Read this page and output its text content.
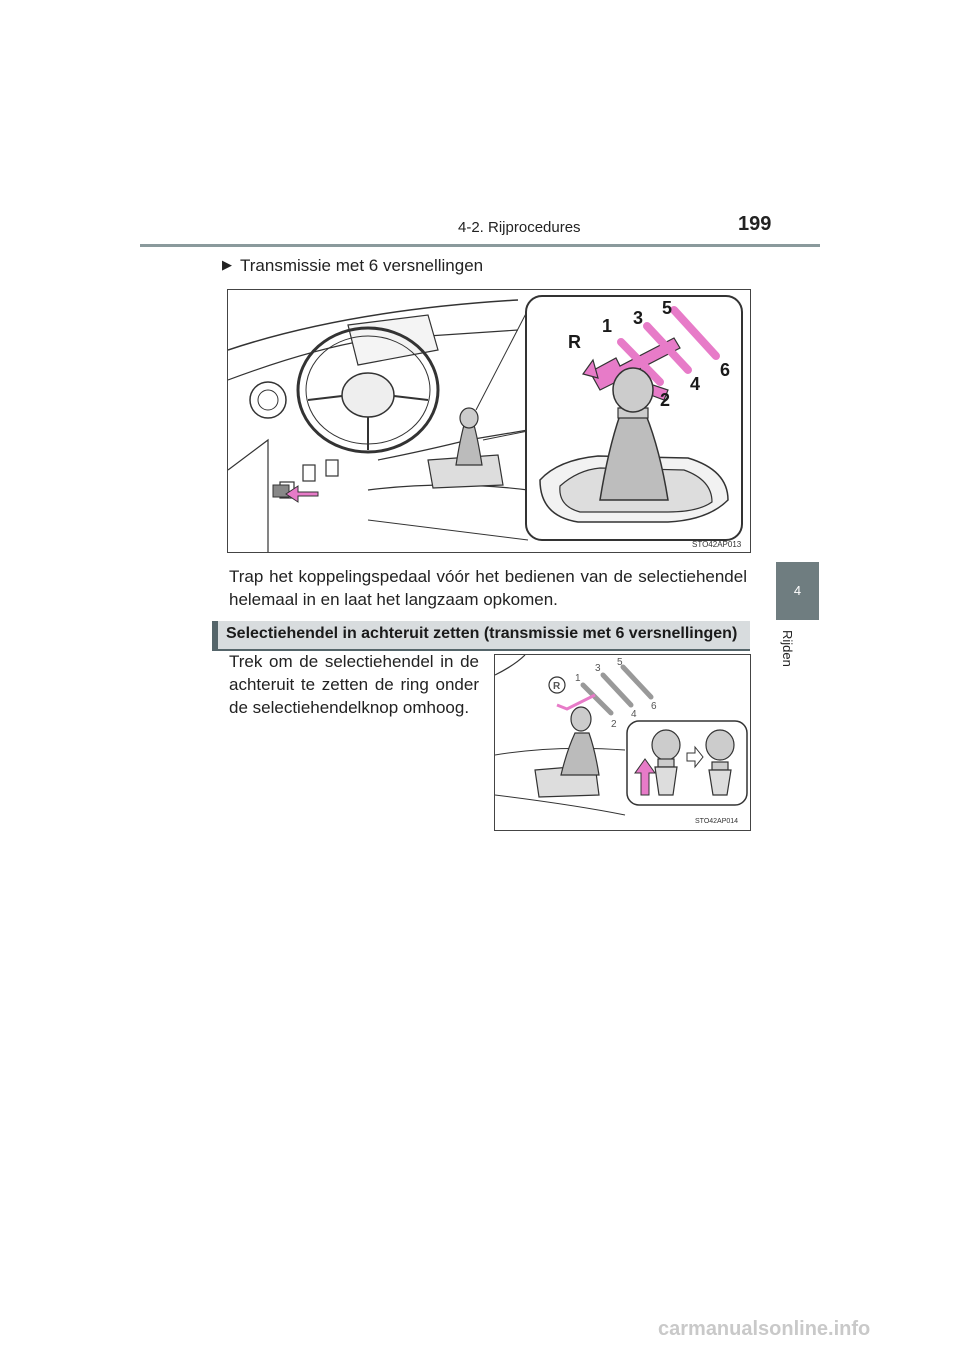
4-2. Rijprocedures	199
4
Rijden
▶ Transmissie met 6 versnellingen
R
1
2
3
4
5
6
STO42AP013

Trap het koppelingspedaal vóór het bedienen van de selectiehendel helemaal in en laat het langzaam opkomen.

Selectiehendel in achteruit zetten (transmissie met 6 versnellingen)

Trek om de selectiehendel in de achteruit te zetten de ring onder de selectiehendelknop omhoog.

R
1
2
3
4
5
6
STO42AP014
carmanualsonline.info
